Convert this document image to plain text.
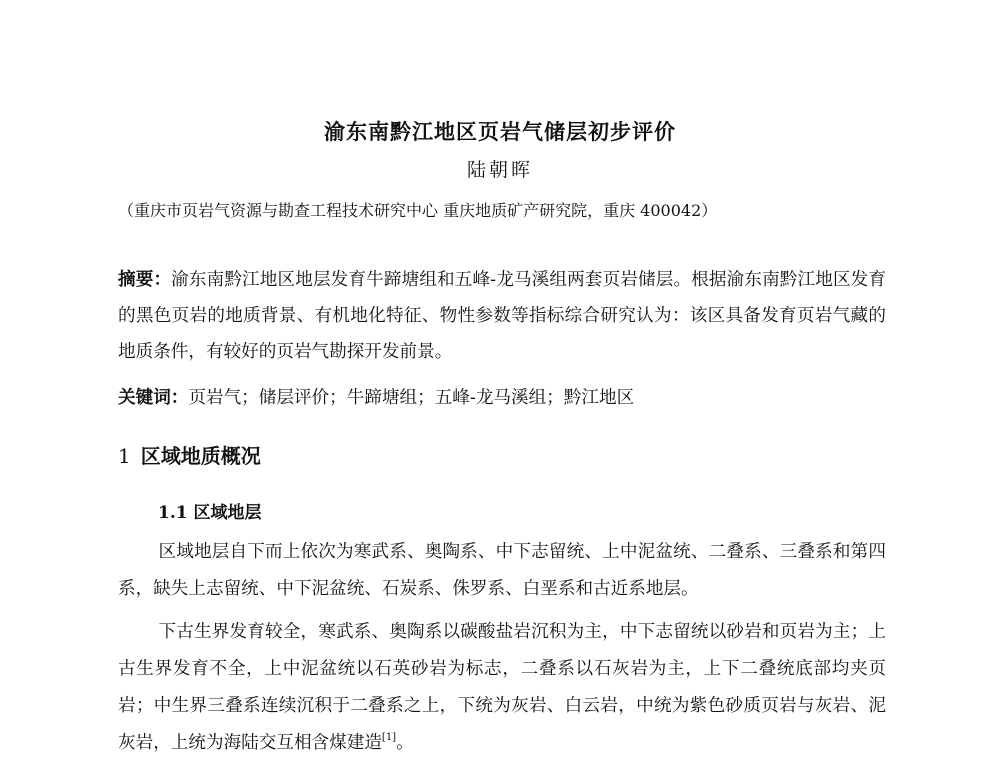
渝东南黔江地区页岩气储层初步评价
陆朝晖
（重庆市页岩气资源与勘查工程技术研究中心 重庆地质矿产研究院，重庆 400042）

摘要：渝东南黔江地区地层发育牛蹄塘组和五峰-龙马溪组两套页岩储层。根据渝东南黔江地区发育的黑色页岩的地质背景、有机地化特征、物性参数等指标综合研究认为：该区具备发育页岩气藏的地质条件，有较好的页岩气勘探开发前景。

关键词：页岩气；储层评价；牛蹄塘组；五峰-龙马溪组；黔江地区
1 区域地质概况
1.1 区域地层

区域地层自下而上依次为寒武系、奥陶系、中下志留统、上中泥盆统、二叠系、三叠系和第四系，缺失上志留统、中下泥盆统、石炭系、侏罗系、白垩系和古近系地层。

下古生界发育较全，寒武系、奥陶系以碳酸盐岩沉积为主，中下志留统以砂岩和页岩为主；上古生界发育不全，上中泥盆统以石英砂岩为标志，二叠系以石灰岩为主，上下二叠统底部均夹页岩；中生界三叠系连续沉积于二叠系之上，下统为灰岩、白云岩，中统为紫色砂质页岩与灰岩、泥灰岩，上统为海陆交互相含煤建造[1]。
